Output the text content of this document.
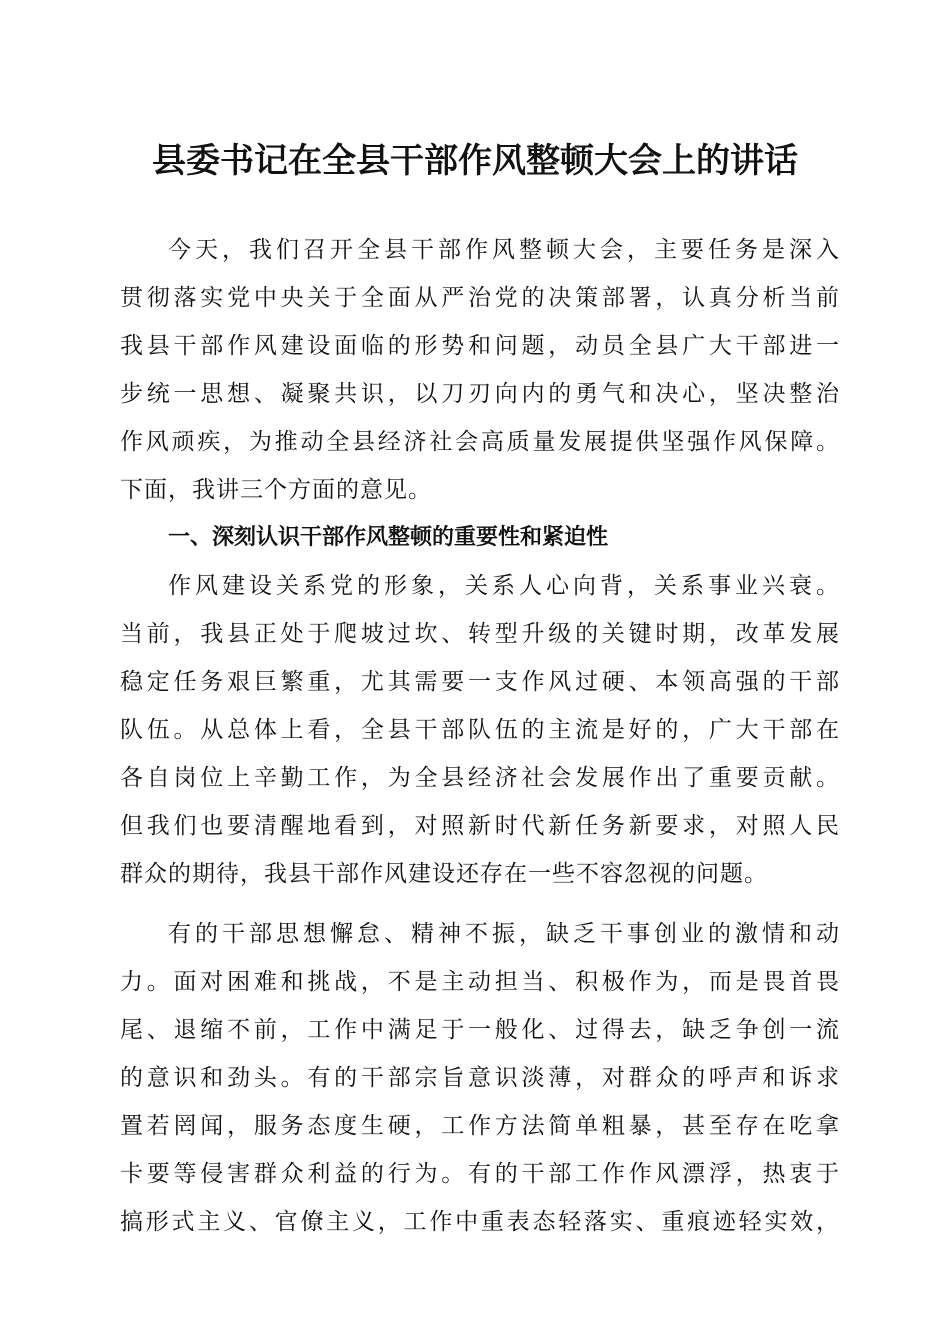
县委书记在全县干部作风整顿大会上的讲话
今天，我们召开全县干部作风整顿大会，主要任务是深入
贯彻落实党中央关于全面从严治党的决策部署，认真分析当前
我县干部作风建设面临的形势和问题，动员全县广大干部进一
步统一思想、凝聚共识，以刀刃向内的勇气和决心，坚决整治
作风顽疾，为推动全县经济社会高质量发展提供坚强作风保障。
下面，我讲三个方面的意见。
一、深刻认识干部作风整顿的重要性和紧迫性
作风建设关系党的形象，关系人心向背，关系事业兴衰。
当前，我县正处于爬坡过坎、转型升级的关键时期，改革发展
稳定任务艰巨繁重，尤其需要一支作风过硬、本领高强的干部
队伍。从总体上看，全县干部队伍的主流是好的，广大干部在
各自岗位上辛勤工作，为全县经济社会发展作出了重要贡献。
但我们也要清醒地看到，对照新时代新任务新要求，对照人民
群众的期待，我县干部作风建设还存在一些不容忽视的问题。
有的干部思想懈怠、精神不振，缺乏干事创业的激情和动
力。面对困难和挑战，不是主动担当、积极作为，而是畏首畏
尾、退缩不前，工作中满足于一般化、过得去，缺乏争创一流
的意识和劲头。有的干部宗旨意识淡薄，对群众的呼声和诉求
置若罔闻，服务态度生硬，工作方法简单粗暴，甚至存在吃拿
卡要等侵害群众利益的行为。有的干部工作作风漂浮，热衷于
搞形式主义、官僚主义，工作中重表态轻落实、重痕迹轻实效，
